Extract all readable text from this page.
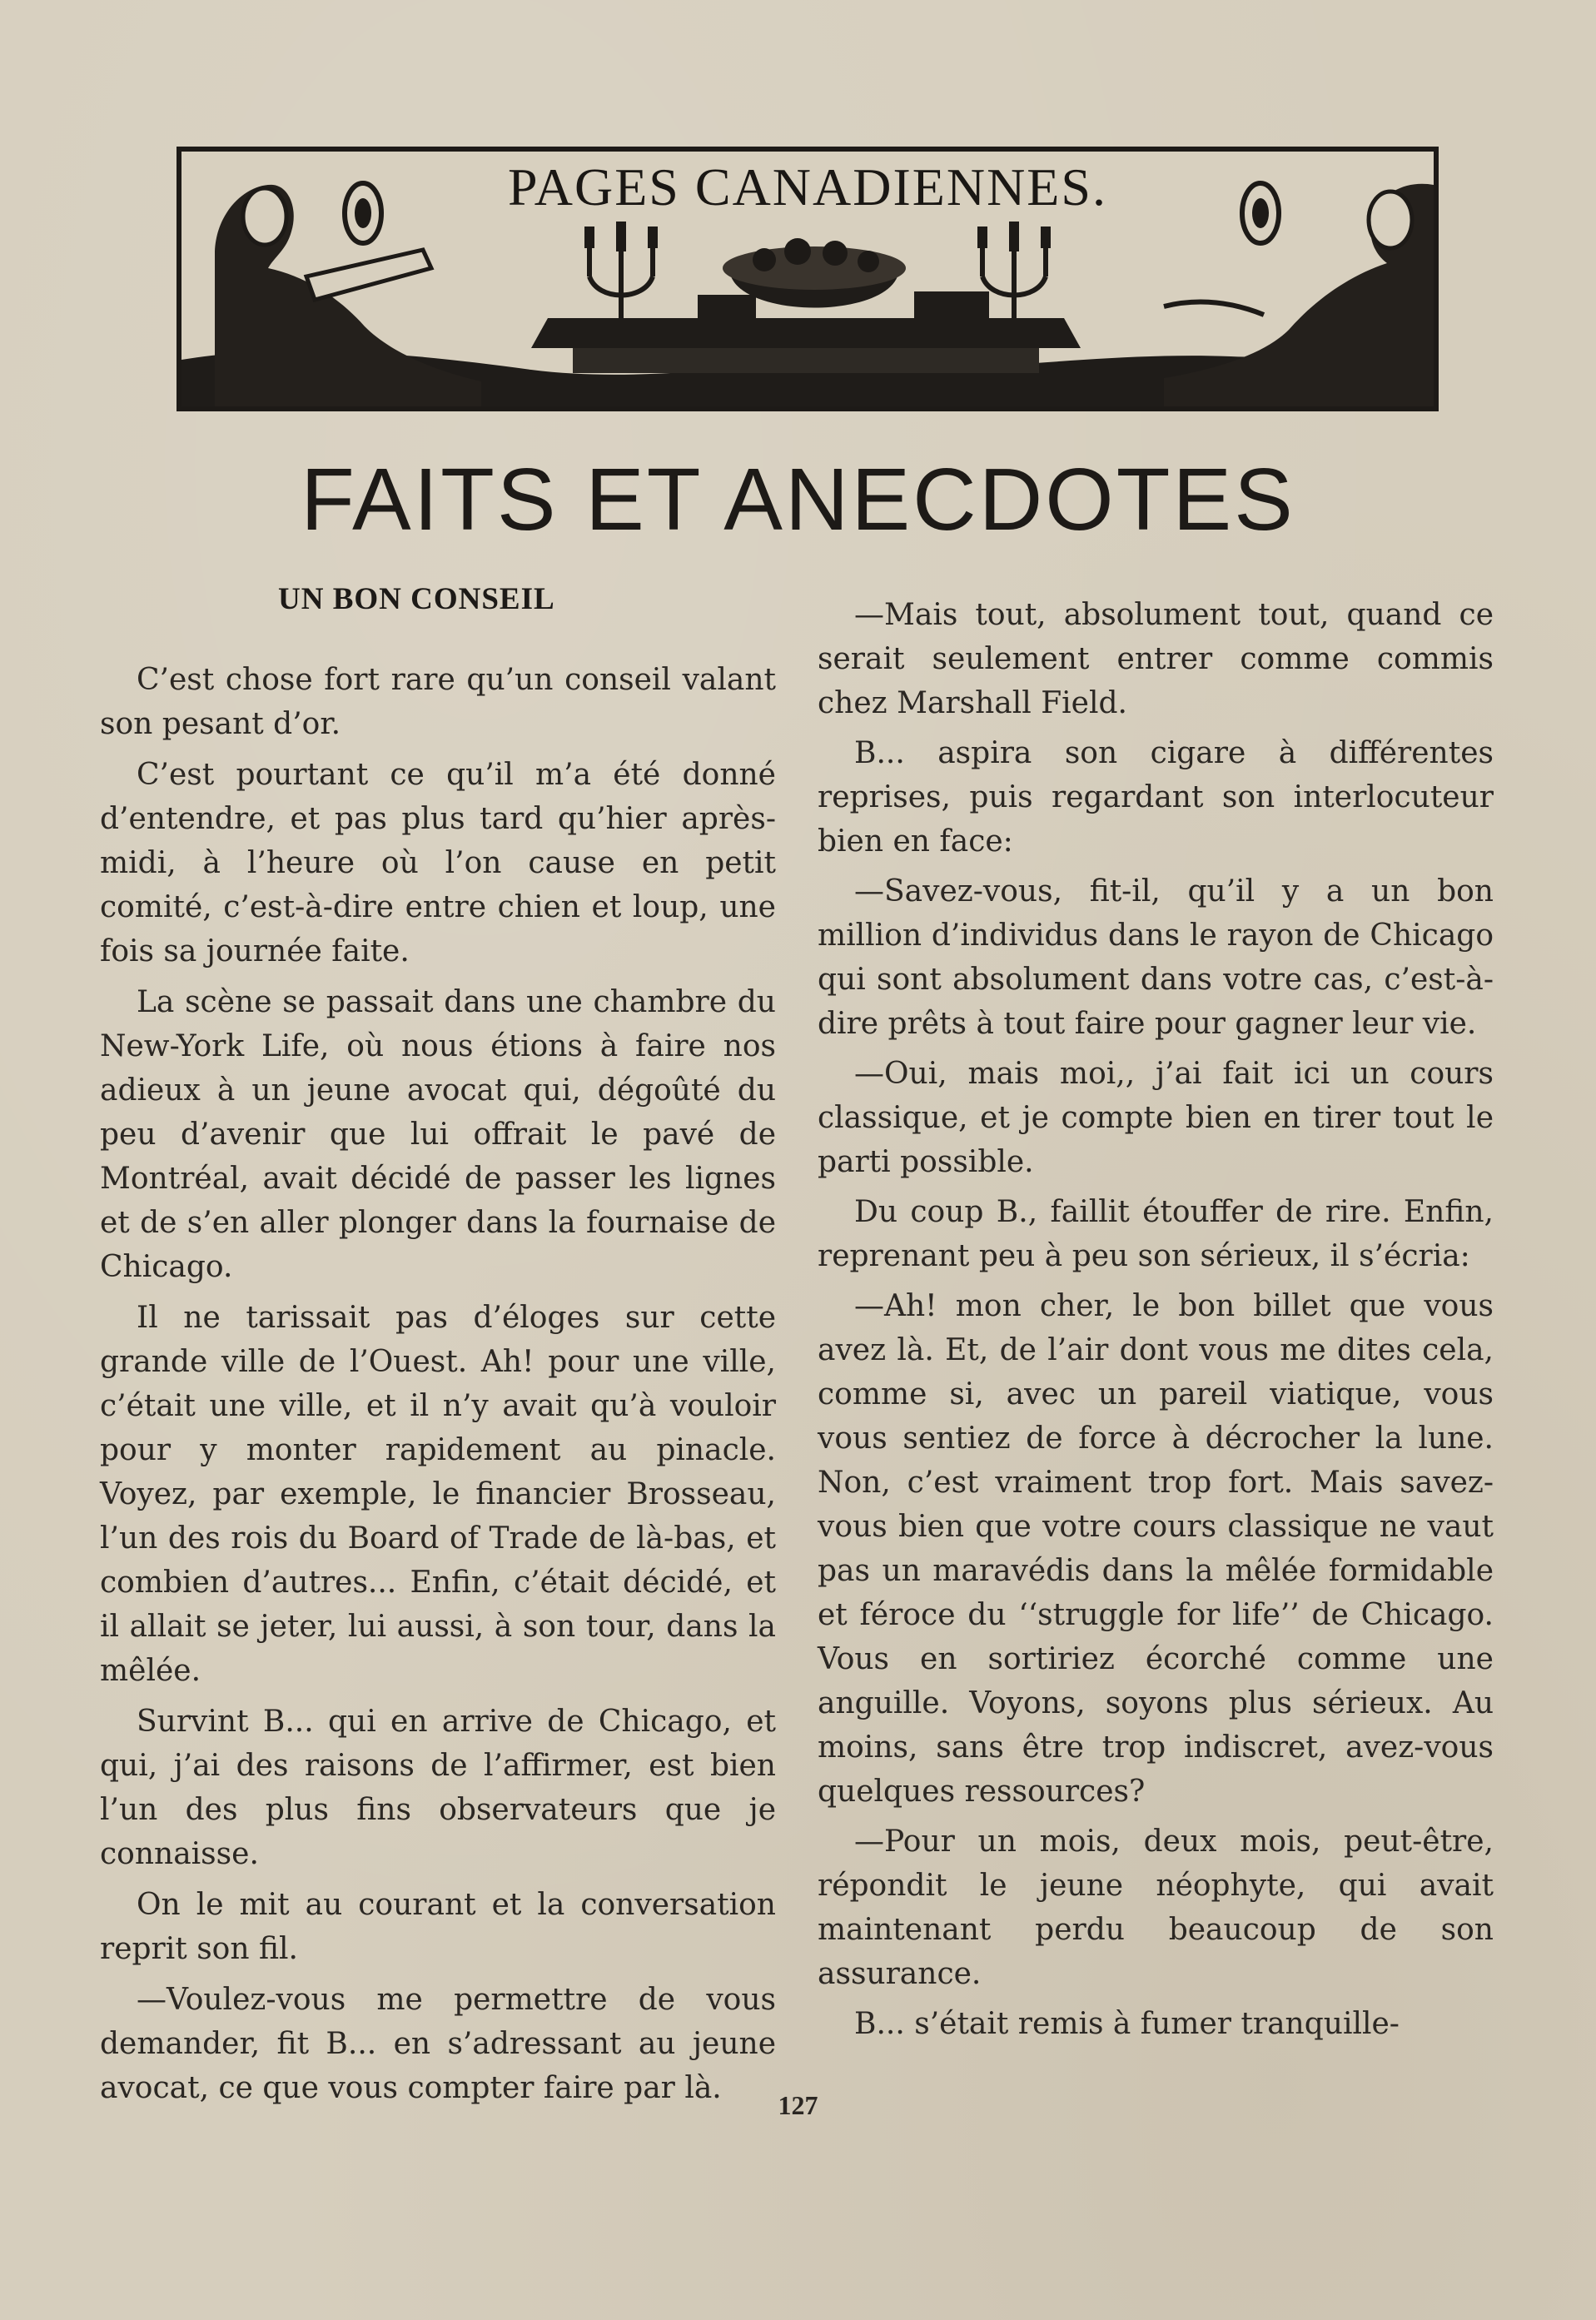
PAGES CANADIENNES.
FAITS ET ANECDOTES
UN BON CONSEIL

C’est chose fort rare qu’un conseil valant son pesant d’or.

C’est pourtant ce qu’il m’a été donné d’entendre, et pas plus tard qu’hier après-midi, à l’heure où l’on cause en petit comité, c’est-à-dire entre chien et loup, une fois sa journée faite.

La scène se passait dans une chambre du New-York Life, où nous étions à faire nos adieux à un jeune avocat qui, dégoûté du peu d’avenir que lui offrait le pavé de Montréal, avait décidé de passer les lignes et de s’en aller plonger dans la fournaise de Chicago.

Il ne tarissait pas d’éloges sur cette grande ville de l’Ouest. Ah! pour une ville, c’était une ville, et il n’y avait qu’à vouloir pour y monter rapidement au pinacle. Voyez, par exemple, le financier Brosseau, l’un des rois du Board of Trade de là-bas, et combien d’autres... Enfin, c’était décidé, et il allait se jeter, lui aussi, à son tour, dans la mêlée.

Survint B... qui en arrive de Chicago, et qui, j’ai des raisons de l’affirmer, est bien l’un des plus fins observateurs que je connaisse.

On le mit au courant et la conversation reprit son fil.

—Voulez-vous me permettre de vous demander, fit B... en s’adressant au jeune avocat, ce que vous compter faire par là.

—Mais tout, absolument tout, quand ce serait seulement entrer comme commis chez Marshall Field.

B... aspira son cigare à différentes reprises, puis regardant son interlocuteur bien en face:

—Savez-vous, fit-il, qu’il y a un bon million d’individus dans le rayon de Chicago qui sont absolument dans votre cas, c’est-à-dire prêts à tout faire pour gagner leur vie.

—Oui, mais moi,, j’ai fait ici un cours classique, et je compte bien en tirer tout le parti possible.

Du coup B., faillit étouffer de rire. Enfin, reprenant peu à peu son sérieux, il s’écria:

—Ah! mon cher, le bon billet que vous avez là. Et, de l’air dont vous me dites cela, comme si, avec un pareil viatique, vous vous sentiez de force à décrocher la lune. Non, c’est vraiment trop fort. Mais savez-vous bien que votre cours classique ne vaut pas un maravédis dans la mêlée formidable et féroce du ‘‘struggle for life’’ de Chicago. Vous en sortiriez écorché comme une anguille. Voyons, soyons plus sérieux. Au moins, sans être trop indiscret, avez-vous quelques ressources?

—Pour un mois, deux mois, peut-être, répondit le jeune néophyte, qui avait maintenant perdu beaucoup de son assurance.

B... s’était remis à fumer tranquille-

127
